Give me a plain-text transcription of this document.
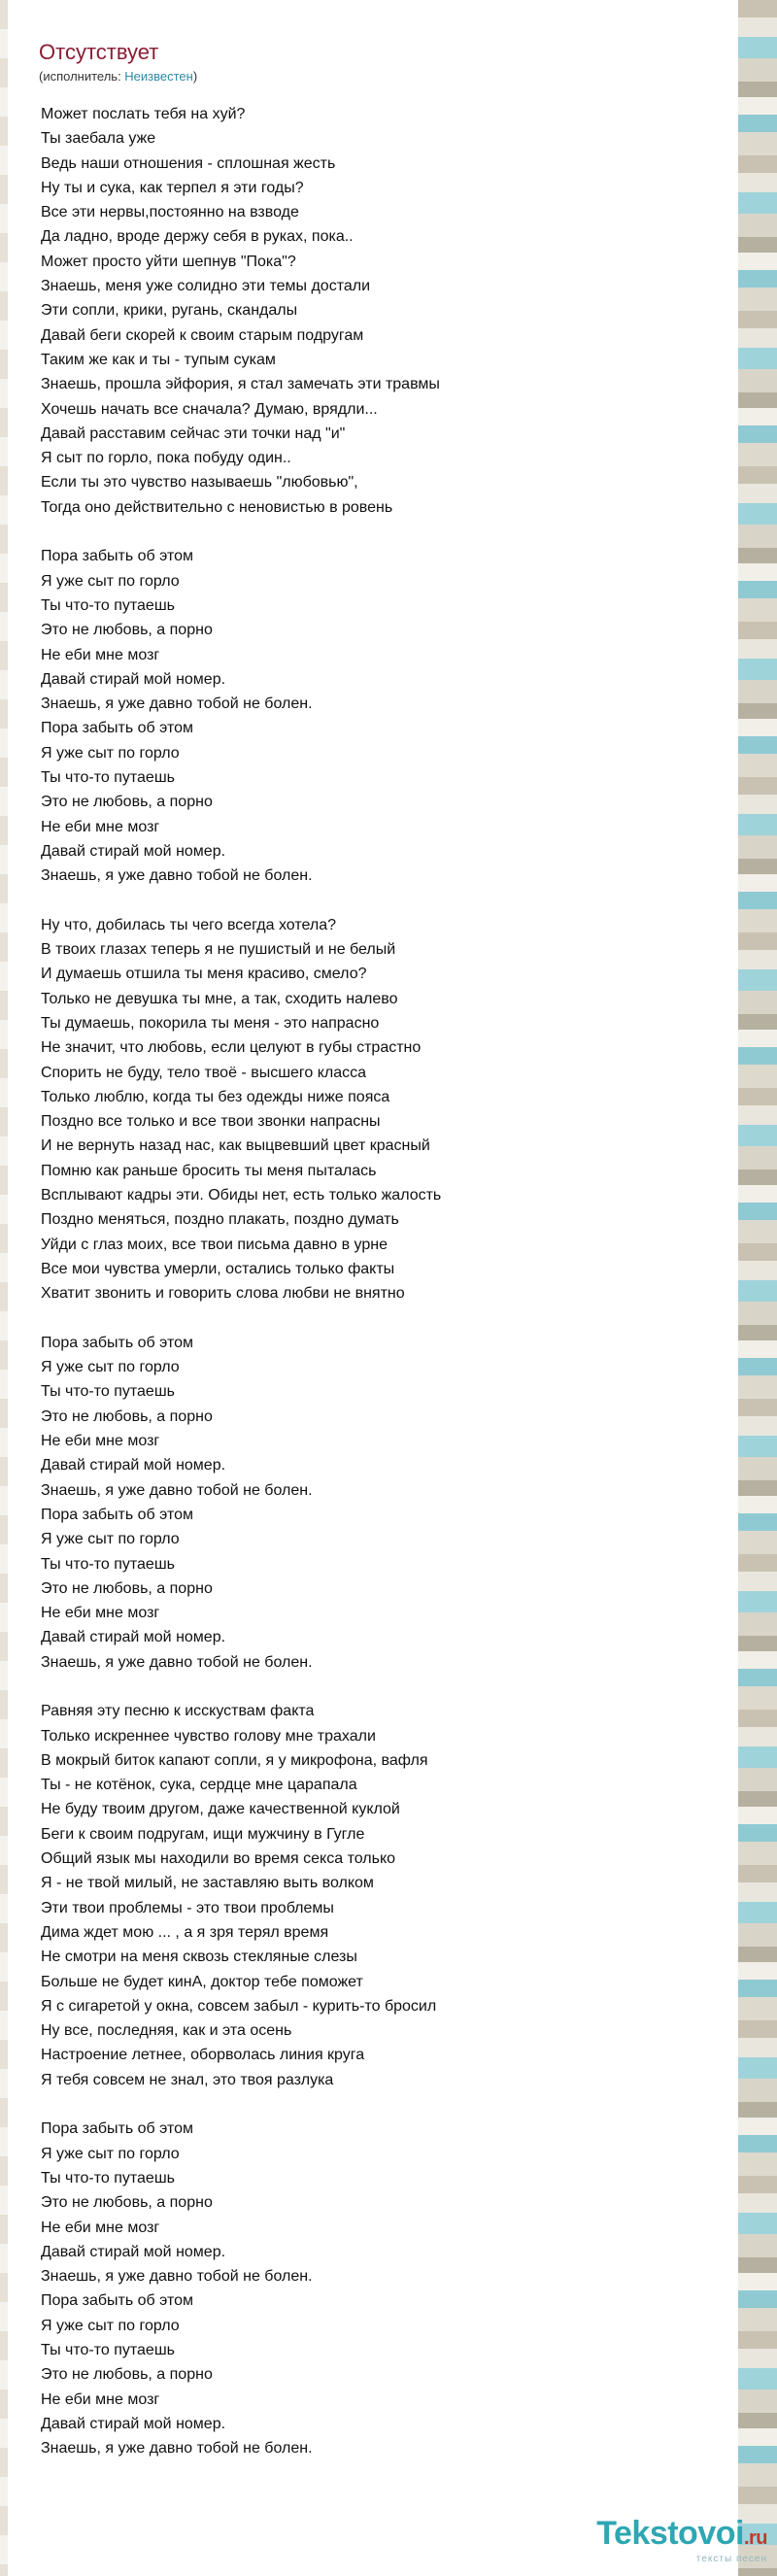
Отсутствует
(исполнитель: Неизвестен)
Может послать тебя на хуй?
Ты заебала уже
Ведь наши отношения - сплошная жесть
Ну ты и сука, как терпел я эти годы?
Все эти нервы,постоянно на взводе
Да ладно, вроде держу себя в руках, пока..
Может просто уйти шепнув "Пока"?
Знаешь, меня уже солидно эти темы достали
Эти сопли, крики, ругань, скандалы
Давай беги скорей к своим старым подругам
Таким же как и ты - тупым сукам
Знаешь, прошла эйфория, я стал замечать эти травмы
Хочешь начать все сначала? Думаю, врядли...
Давай расставим сейчас эти точки над "и"
Я сыт по горло, пока побуду один..
Если ты это чувство называешь "любовью",
Тогда оно действительно с неновистью в ровень
Пора забыть об этом
Я уже сыт по горло
Ты что-то путаешь
Это не любовь, а порно
Не еби мне мозг
Давай стирай мой номер.
Знаешь, я уже давно тобой не болен.
Пора забыть об этом
Я уже сыт по горло
Ты что-то путаешь
Это не любовь, а порно
Не еби мне мозг
Давай стирай мой номер.
Знаешь, я уже давно тобой не болен.
Ну что, добилась ты чего всегда хотела?
В твоих глазах теперь я не пушистый и не белый
И думаешь отшила ты меня красиво, смело?
Только не девушка ты мне, а так, сходить налево
Ты думаешь, покорила ты меня - это напрасно
Не значит, что любовь, если целуют в губы страстно
Спорить не буду, тело твоё - высшего класса
Только люблю, когда ты без одежды ниже пояса
Поздно все только и все твои звонки напрасны
И не вернуть назад нас, как выцвевший цвет красный
Помню как раньше бросить ты меня пыталась
Всплывают кадры эти. Обиды нет, есть только жалость
Поздно меняться, поздно плакать, поздно думать
Уйди с глаз моих, все твои письма давно в урне
Все мои чувства умерли, остались только факты
Хватит звонить и говорить слова любви не внятно
Пора забыть об этом
Я уже сыт по горло
Ты что-то путаешь
Это не любовь, а порно
Не еби мне мозг
Давай стирай мой номер.
Знаешь, я уже давно тобой не болен.
Пора забыть об этом
Я уже сыт по горло
Ты что-то путаешь
Это не любовь, а порно
Не еби мне мозг
Давай стирай мой номер.
Знаешь, я уже давно тобой не болен.
Равняя эту песню к исскуствам факта
Только искреннее чувство голову мне трахали
В мокрый биток капают сопли, я у микрофона, вафля
Ты - не котёнок, сука, сердце мне царапала
Не буду твоим другом, даже качественной куклой
Беги к своим подругам, ищи мужчину в Гугле
Общий язык мы находили во время секса только
Я - не твой милый, не заставляю выть волком
Эти твои проблемы - это твои проблемы
Дима ждет мою ... , а я зря терял время
Не смотри на меня сквозь стекляные слезы
Больше не будет кинА, доктор тебе поможет
Я с сигаретой у окна, совсем забыл - курить-то бросил
Ну все, последняя, как и эта осень
Настроение летнее, оборволась линия круга
Я тебя совсем не знал, это твоя разлука
Пора забыть об этом
Я уже сыт по горло
Ты что-то путаешь
Это не любовь, а порно
Не еби мне мозг
Давай стирай мой номер.
Знаешь, я уже давно тобой не болен.
Пора забыть об этом
Я уже сыт по горло
Ты что-то путаешь
Это не любовь, а порно
Не еби мне мозг
Давай стирай мой номер.
Знаешь, я уже давно тобой не болен.
Tekstovoi.ru
тексты песен
